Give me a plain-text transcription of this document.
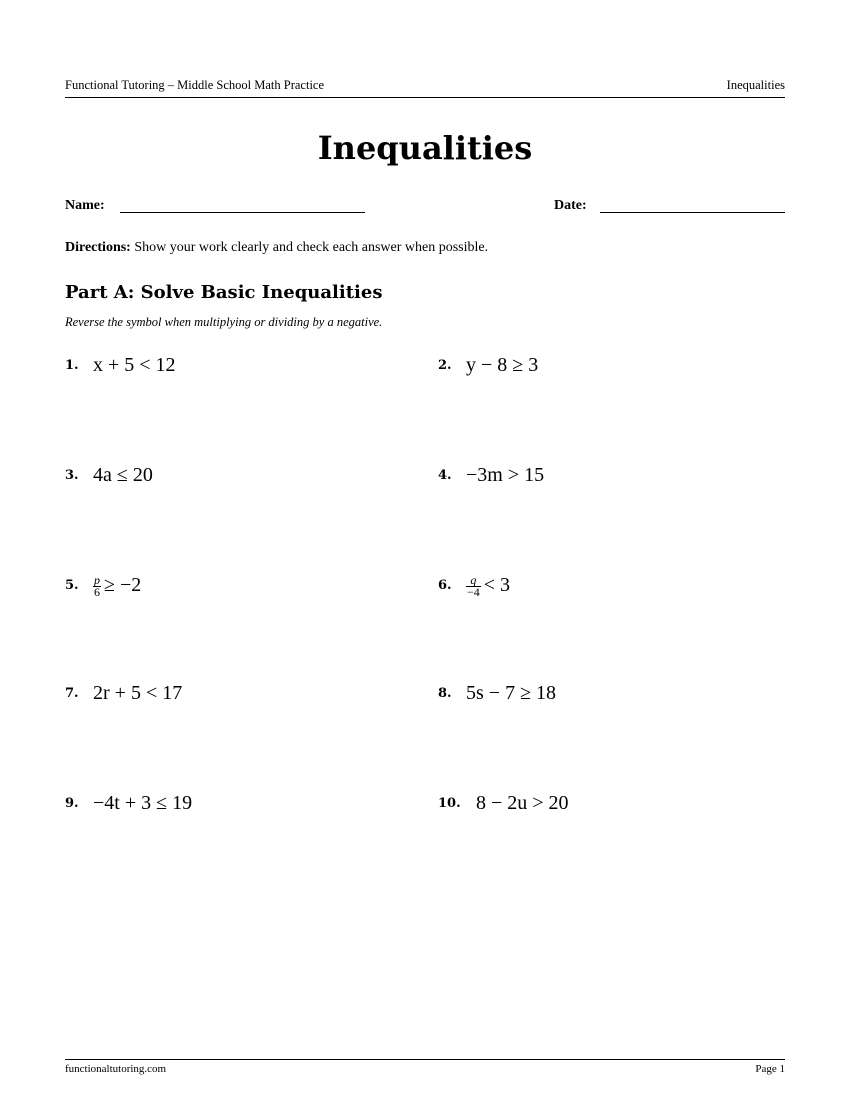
Functional Tutoring – Middle School Math Practice	Inequalities
Inequalities
Name:	Date:
Directions: Show your work clearly and check each answer when possible.
Part A: Solve Basic Inequalities
Reverse the symbol when multiplying or dividing by a negative.
1. x + 5 < 12	2. y − 8 ≥ 3
3. 4a ≤ 20	4. −3m > 15
5. $\frac{p}{6} \ge -2$	6. $\frac{q}{-4} < 3$
7. 2r + 5 < 17	8. 5s − 7 ≥ 18
9. −4t + 3 ≤ 19	10. 8 − 2u > 20
functionaltutoring.com	Page 1
